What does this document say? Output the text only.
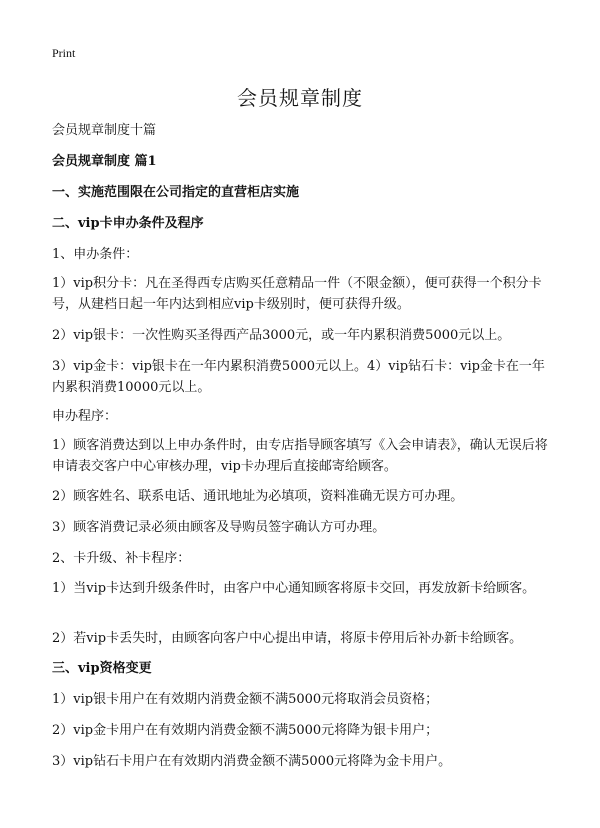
Print
会员规章制度

会员规章制度十篇

会员规章制度 篇1

一、实施范围限在公司指定的直营柜店实施

二、vip卡申办条件及程序

1、申办条件：

1）vip积分卡：凡在圣得西专店购买任意精品一件（不限金额），便可获得一个积分卡号，从建档日起一年内达到相应vip卡级别时，便可获得升级。

2）vip银卡：一次性购买圣得西产品3000元，或一年内累积消费5000元以上。

3）vip金卡：vip银卡在一年内累积消费5000元以上。4）vip钻石卡：vip金卡在一年内累积消费10000元以上。

申办程序：

1）顾客消费达到以上申办条件时，由专店指导顾客填写《入会申请表》，确认无误后将申请表交客户中心审核办理，vip卡办理后直接邮寄给顾客。

2）顾客姓名、联系电话、通讯地址为必填项，资料准确无误方可办理。

3）顾客消费记录必须由顾客及导购员签字确认方可办理。

2、卡升级、补卡程序：

1）当vip卡达到升级条件时，由客户中心通知顾客将原卡交回，再发放新卡给顾客。

2）若vip卡丢失时，由顾客向客户中心提出申请，将原卡停用后补办新卡给顾客。

三、vip资格变更

1）vip银卡用户在有效期内消费金额不满5000元将取消会员资格；

2）vip金卡用户在有效期内消费金额不满5000元将降为银卡用户；

3）vip钻石卡用户在有效期内消费金额不满5000元将降为金卡用户。
